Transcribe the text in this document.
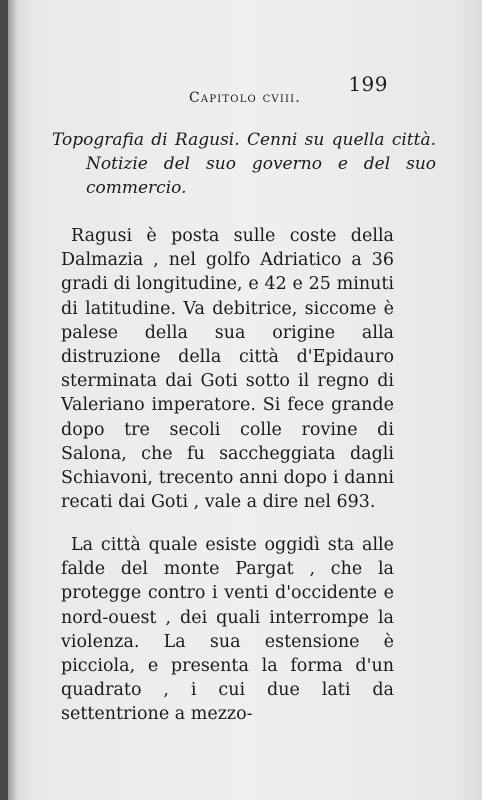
199
Capitolo cviii.
Topografia di Ragusi. Cenni su quella città. Notizie del suo governo e del suo commercio.
Ragusi è posta sulle coste della Dalmazia , nel golfo Adriatico a 36 gradi di longitudine, e 42 e 25 minuti di latitudine. Va debitrice, siccome è palese della sua origine alla distruzione della città d'Epidauro sterminata dai Goti sotto il regno di Valeriano imperatore. Si fece grande dopo tre secoli colle rovine di Salona, che fu saccheggiata dagli Schiavoni, trecento anni dopo i danni recati dai Goti , vale a dire nel 693.
La città quale esiste oggidì sta alle falde del monte Pargat , che la protegge contro i venti d'occidente e nord-ouest , dei quali interrompe la violenza. La sua estensione è picciola, e presenta la forma d'un quadrato , i cui due lati da settentrione a mezzo-
